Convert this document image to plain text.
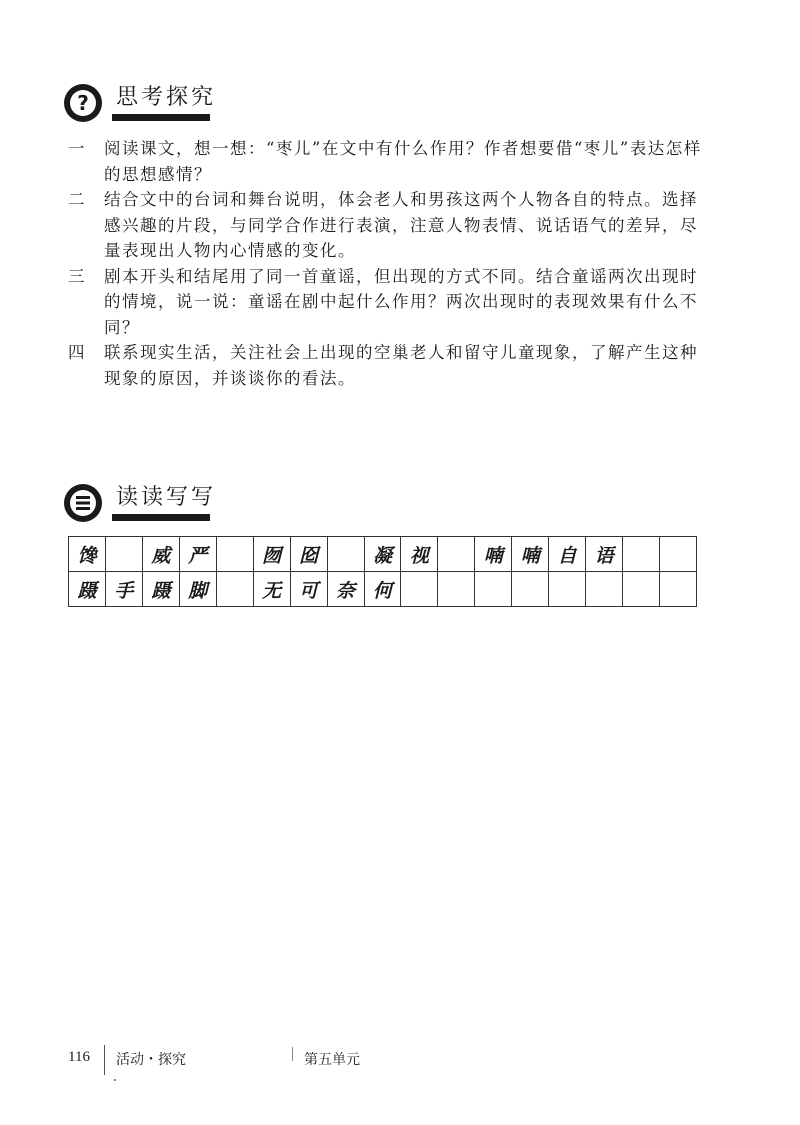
?	思考探究
一	阅读课文，想一想：“枣儿”在文中有什么作用？作者想要借“枣儿”表达怎样的思想感情？
二	结合文中的台词和舞台说明，体会老人和男孩这两个人物各自的特点。选择感兴趣的片段，与同学合作进行表演，注意人物表情、说话语气的差异，尽量表现出人物内心情感的变化。
三	剧本开头和结尾用了同一首童谣，但出现的方式不同。结合童谣两次出现时的情境，说一说：童谣在剧中起什么作用？两次出现时的表现效果有什么不同？
四	联系现实生活，关注社会上出现的空巢老人和留守儿童现象，了解产生这种现象的原因，并谈谈你的看法。
读读写写
馋		威	严		囫	囵		凝	视		喃	喃	自	语		
蹑	手	蹑	脚		无	可	奈	何								
116 活动・探究	第五单元
